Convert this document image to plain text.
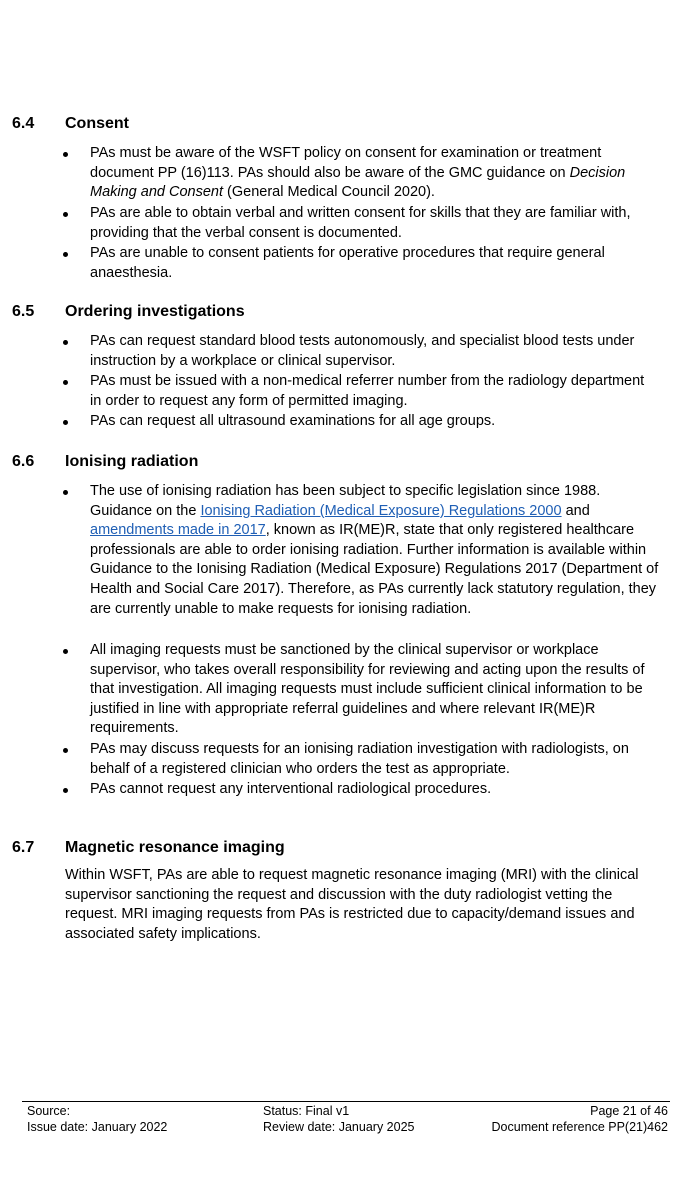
6.4 Consent
PAs must be aware of the WSFT policy on consent for examination or treatment document PP (16)113. PAs should also be aware of the GMC guidance on Decision Making and Consent (General Medical Council 2020).
PAs are able to obtain verbal and written consent for skills that they are familiar with, providing that the verbal consent is documented.
PAs are unable to consent patients for operative procedures that require general anaesthesia.
6.5 Ordering investigations
PAs can request standard blood tests autonomously, and specialist blood tests under instruction by a workplace or clinical supervisor.
PAs must be issued with a non-medical referrer number from the radiology department in order to request any form of permitted imaging.
PAs can request all ultrasound examinations for all age groups.
6.6 Ionising radiation
The use of ionising radiation has been subject to specific legislation since 1988. Guidance on the Ionising Radiation (Medical Exposure) Regulations 2000 and amendments made in 2017, known as IR(ME)R, state that only registered healthcare professionals are able to order ionising radiation. Further information is available within Guidance to the Ionising Radiation (Medical Exposure) Regulations 2017 (Department of Health and Social Care 2017). Therefore, as PAs currently lack statutory regulation, they are currently unable to make requests for ionising radiation.
All imaging requests must be sanctioned by the clinical supervisor or workplace supervisor, who takes overall responsibility for reviewing and acting upon the results of that investigation. All imaging requests must include sufficient clinical information to be justified in line with appropriate referral guidelines and where relevant IR(ME)R requirements.
PAs may discuss requests for an ionising radiation investigation with radiologists, on behalf of a registered clinician who orders the test as appropriate.
PAs cannot request any interventional radiological procedures.
6.7 Magnetic resonance imaging
Within WSFT, PAs are able to request magnetic resonance imaging (MRI) with the clinical supervisor sanctioning the request and discussion with the duty radiologist vetting the request. MRI imaging requests from PAs is restricted due to capacity/demand issues and associated safety implications.
Source:
Issue date: January 2022
Status: Final v1
Review date: January 2025
Page 21 of 46
Document reference PP(21)462
